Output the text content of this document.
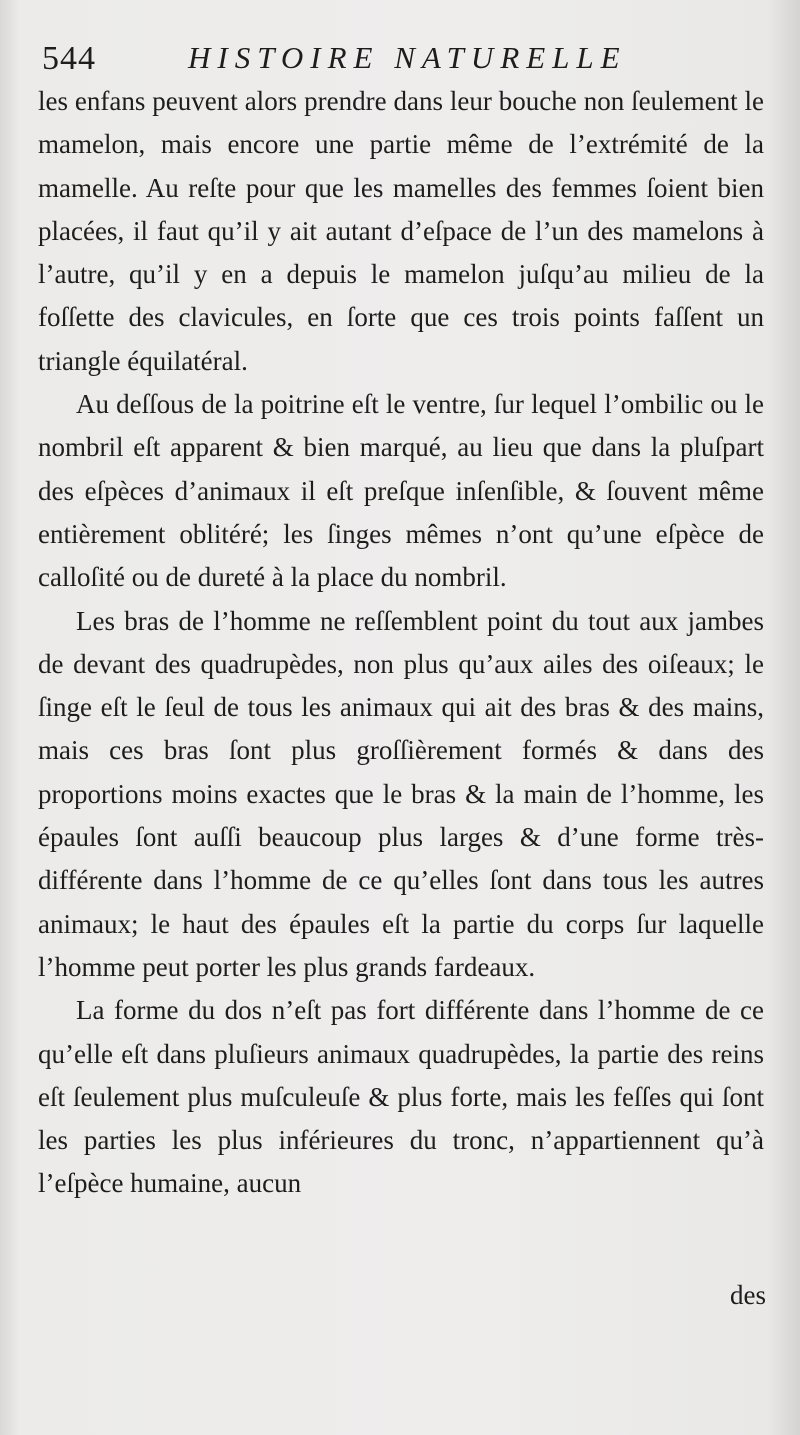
544	HISTOIRE NATURELLE

les enfans peuvent alors prendre dans leur bouche non ſeulement le mamelon, mais encore une partie même de l’extrémité de la mamelle. Au reſte pour que les mamelles des femmes ſoient bien placées, il faut qu’il y ait autant d’eſpace de l’un des mamelons à l’autre, qu’il y en a depuis le mamelon juſqu’au milieu de la foſſette des clavicules, en ſorte que ces trois points faſſent un triangle équilatéral.

Au deſſous de la poitrine eſt le ventre, ſur lequel l’ombilic ou le nombril eſt apparent & bien marqué, au lieu que dans la pluſpart des eſpèces d’animaux il eſt preſque inſenſible, & ſouvent même entièrement oblitéré; les ſinges mêmes n’ont qu’une eſpèce de calloſité ou de dureté à la place du nombril.

Les bras de l’homme ne reſſemblent point du tout aux jambes de devant des quadrupèdes, non plus qu’aux ailes des oiſeaux; le ſinge eſt le ſeul de tous les animaux qui ait des bras & des mains, mais ces bras ſont plus groſſièrement formés & dans des proportions moins exactes que le bras & la main de l’homme, les épaules ſont auſſi beaucoup plus larges & d’une forme très-différente dans l’homme de ce qu’elles ſont dans tous les autres animaux; le haut des épaules eſt la partie du corps ſur laquelle l’homme peut porter les plus grands fardeaux.

La forme du dos n’eſt pas fort différente dans l’homme de ce qu’elle eſt dans pluſieurs animaux quadrupèdes, la partie des reins eſt ſeulement plus muſculeuſe & plus forte, mais les feſſes qui ſont les parties les plus inférieures du tronc, n’appartiennent qu’à l’eſpèce humaine, aucun

des
